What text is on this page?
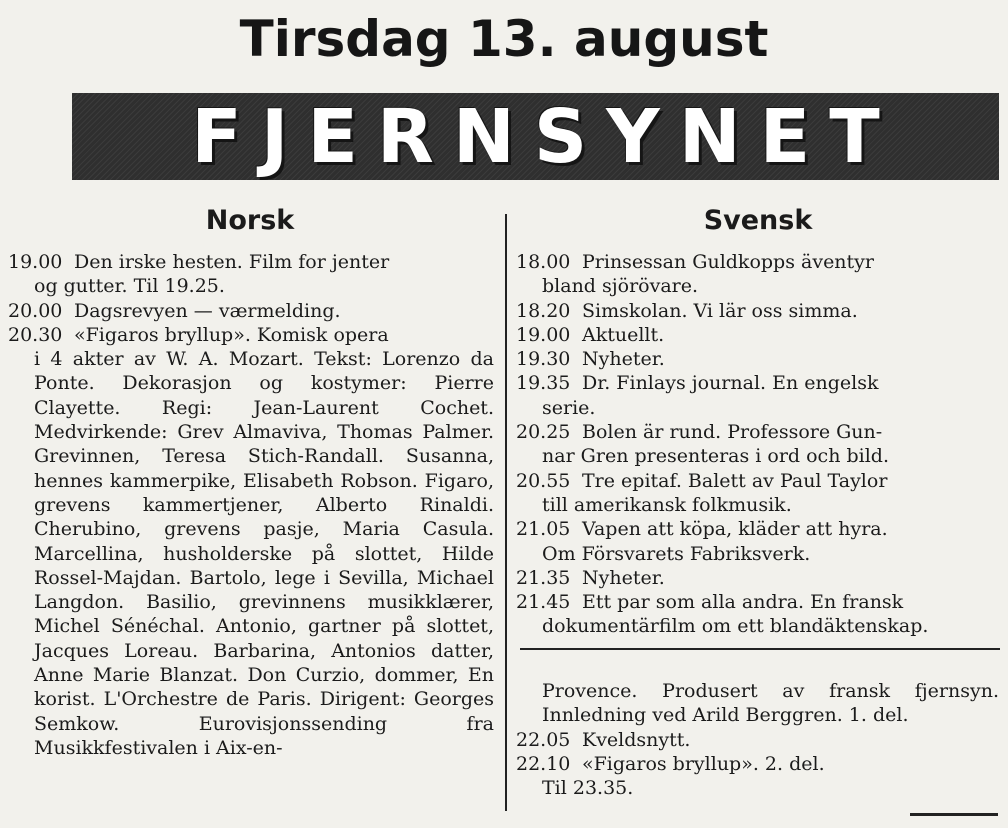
Tirsdag 13. august
FJERNSYNET
Norsk	Svensk
19.00 Den irske hesten. Film for jenter
og gutter. Til 19.25.
20.00 Dagsrevyen — værmelding.
20.30 «Figaros bryllup». Komisk opera
i 4 akter av W. A. Mozart. Tekst: Lorenzo da Ponte. Dekorasjon og kostymer: Pierre Clayette. Regi: Jean-Laurent Cochet. Medvirkende: Grev Almaviva, Thomas Palmer. Grevinnen, Teresa Stich-Randall. Susanna, hennes kammerpike, Elisabeth Robson. Figaro, grevens kammertjener, Alberto Rinaldi. Cherubino, grevens pasje, Maria Casula. Marcellina, husholderske på slottet, Hilde Rossel-Majdan. Bartolo, lege i Sevilla, Michael Langdon. Basilio, grevinnens musikklærer, Michel Sénéchal. Antonio, gartner på slottet, Jacques Loreau. Barbarina, Antonios datter, Anne Marie Blanzat. Don Curzio, dommer, En korist. L'Orchestre de Paris. Dirigent: Georges Semkow. Eurovisjonssending fra Musikkfestivalen i Aix-en-
18.00 Prinsessan Guldkopps äventyr
bland sjörövare.
18.20 Simskolan. Vi lär oss simma.
19.00 Aktuellt.
19.30 Nyheter.
19.35 Dr. Finlays journal. En engelsk
serie.
20.25 Bolen är rund. Professore Gun-
nar Gren presenteras i ord och bild.
20.55 Tre epitaf. Balett av Paul Taylor
till amerikansk folkmusik.
21.05 Vapen att köpa, kläder att hyra.
Om Försvarets Fabriksverk.
21.35 Nyheter.
21.45 Ett par som alla andra. En fransk
dokumentärfilm om ett blandäktenskap.
Provence. Produsert av fransk fjernsyn. Innledning ved Arild Berggren. 1. del.
22.05 Kveldsnytt.
22.10 «Figaros bryllup». 2. del.
Til 23.35.
